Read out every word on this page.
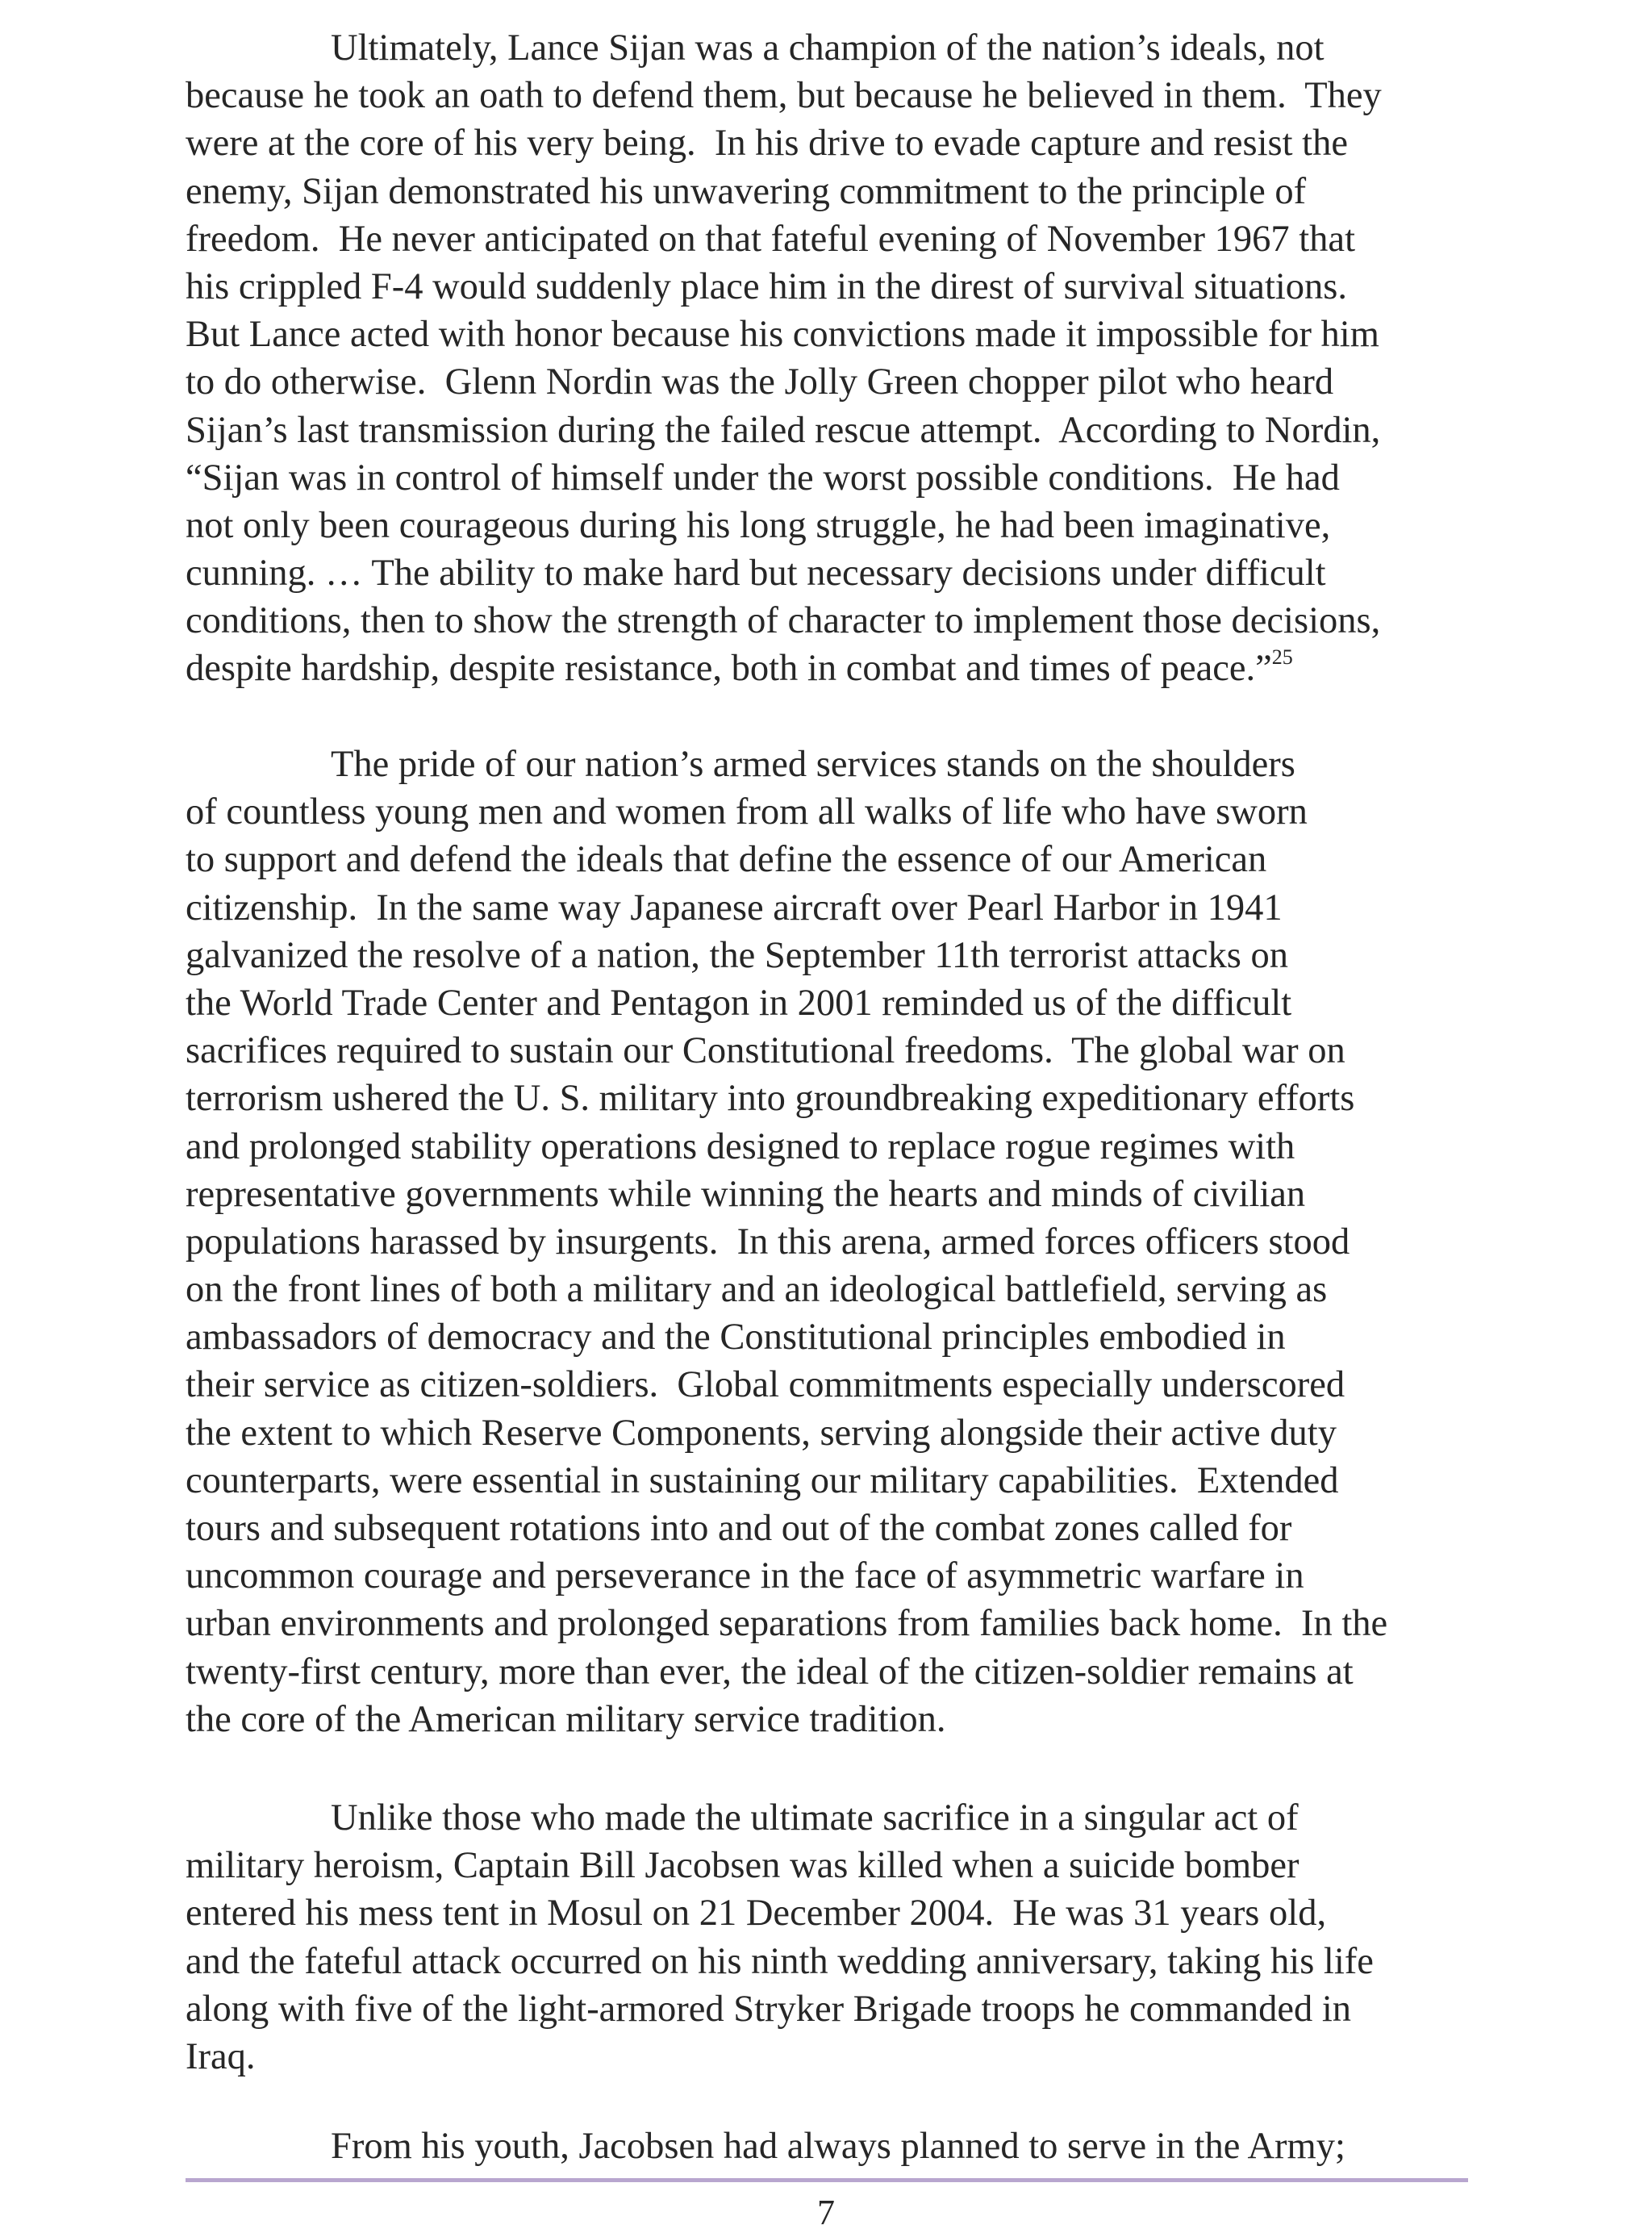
Ultimately, Lance Sijan was a champion of the nation’s ideals, not
because he took an oath to defend them, but because he believed in them.  They
were at the core of his very being.  In his drive to evade capture and resist the
enemy, Sijan demonstrated his unwavering commitment to the principle of
freedom.  He never anticipated on that fateful evening of November 1967 that
his crippled F-4 would suddenly place him in the direst of survival situations.
But Lance acted with honor because his convictions made it impossible for him
to do otherwise.  Glenn Nordin was the Jolly Green chopper pilot who heard
Sijan’s last transmission during the failed rescue attempt.  According to Nordin,
“Sijan was in control of himself under the worst possible conditions.  He had
not only been courageous during his long struggle, he had been imaginative,
cunning. … The ability to make hard but necessary decisions under difficult
conditions, then to show the strength of character to implement those decisions,
despite hardship, despite resistance, both in combat and times of peace.”$^{25}$
The pride of our nation’s armed services stands on the shoulders
of countless young men and women from all walks of life who have sworn
to support and defend the ideals that define the essence of our American
citizenship.  In the same way Japanese aircraft over Pearl Harbor in 1941
galvanized the resolve of a nation, the September 11th terrorist attacks on
the World Trade Center and Pentagon in 2001 reminded us of the difficult
sacrifices required to sustain our Constitutional freedoms.  The global war on
terrorism ushered the U. S. military into groundbreaking expeditionary efforts
and prolonged stability operations designed to replace rogue regimes with
representative governments while winning the hearts and minds of civilian
populations harassed by insurgents.  In this arena, armed forces officers stood
on the front lines of both a military and an ideological battlefield, serving as
ambassadors of democracy and the Constitutional principles embodied in
their service as citizen-soldiers.  Global commitments especially underscored
the extent to which Reserve Components, serving alongside their active duty
counterparts, were essential in sustaining our military capabilities.  Extended
tours and subsequent rotations into and out of the combat zones called for
uncommon courage and perseverance in the face of asymmetric warfare in
urban environments and prolonged separations from families back home.  In the
twenty-first century, more than ever, the ideal of the citizen-soldier remains at
the core of the American military service tradition.
Unlike those who made the ultimate sacrifice in a singular act of
military heroism, Captain Bill Jacobsen was killed when a suicide bomber
entered his mess tent in Mosul on 21 December 2004.  He was 31 years old,
and the fateful attack occurred on his ninth wedding anniversary, taking his life
along with five of the light-armored Stryker Brigade troops he commanded in
Iraq.
From his youth, Jacobsen had always planned to serve in the Army;
7
